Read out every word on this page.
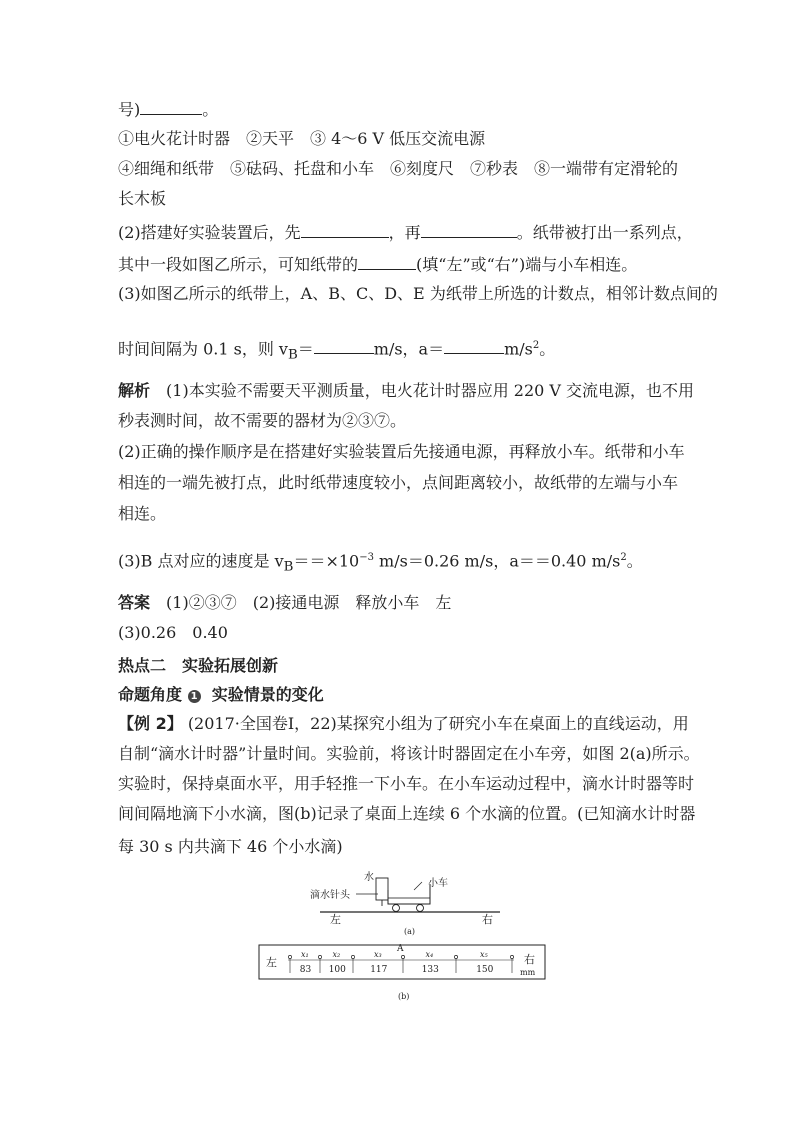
号)	。
①电火花计时器　②天平　③ 4～6 V 低压交流电源
④细绳和纸带　⑤砝码、托盘和小车　⑥刻度尺　⑦秒表　⑧一端带有定滑轮的
长木板
(2)搭建好实验装置后，先	，再	。纸带被打出一系列点，
其中一段如图乙所示，可知纸带的	(填“左”或“右”)端与小车相连。
(3)如图乙所示的纸带上，A、B、C、D、E 为纸带上所选的计数点，相邻计数点间的
时间间隔为 0.1 s，则 $v_B=$	m/s，a＝	$m/s^2$。
解析　 (1)本实验不需要天平测质量，电火花计时器应用 220 V 交流电源，也不用
秒表测时间，故不需要的器材为②③⑦。
(2)正确的操作顺序是在搭建好实验装置后先接通电源，再释放小车。纸带和小车
相连的一端先被打点，此时纸带速度较小，点间距离较小，故纸带的左端与小车
相连。
(3)B 点对应的速度是 $v_B==\times 10^{-3}$ m/s＝0.26 m/s，a＝＝0.40 $m/s^2$。
答案　 (1)②③⑦　(2)接通电源　释放小车　左
(3)0.26　0.40
热点二　实验拓展创新
命题角度 1 实验情景的变化
【例 2】 (2017·全国卷Ⅰ，22)某探究小组为了研究小车在桌面上的直线运动，用
自制“滴水计时器”计量时间。实验前，将该计时器固定在小车旁，如图 2(a)所示。
实验时，保持桌面水平，用手轻推一下小车。在小车运动过程中，滴水计时器等时
间间隔地滴下小水滴，图(b)记录了桌面上连续 6 个水滴的位置。(已知滴水计时器
每 30 s 内共滴下 46 个小水滴)
水
小车
滴水针头
左	右
(a)
左	右
mm
A
x₁
83
x₂
100
x₃
117
x₄
133
x₅
150
(b)
